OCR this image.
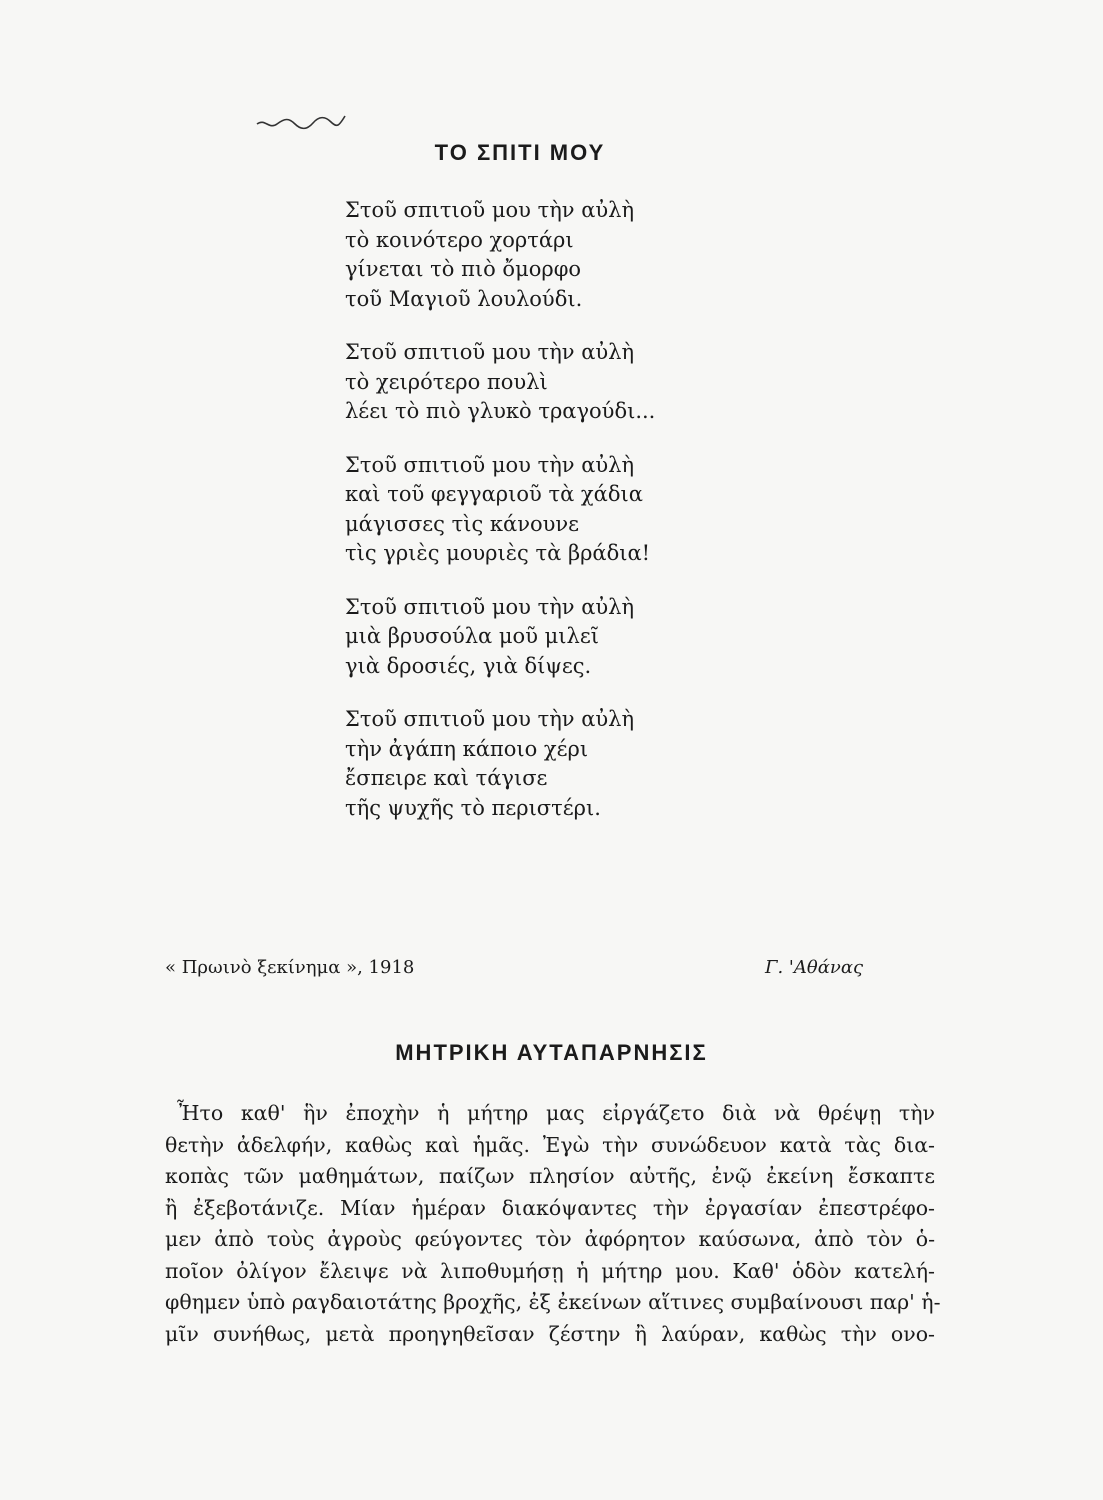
ΤΟ ΣΠΙΤΙ ΜΟΥ
Στοῦ σπιτιοῦ μου τὴν αὐλὴ
τὸ κοινότερο χορτάρι
γίνεται τὸ πιὸ ὄμορφο
τοῦ Μαγιοῦ λουλούδι.
Στοῦ σπιτιοῦ μου τὴν αὐλὴ
τὸ χειρότερο πουλὶ
λέει τὸ πιὸ γλυκὸ τραγούδι...
Στοῦ σπιτιοῦ μου τὴν αὐλὴ
καὶ τοῦ φεγγαριοῦ τὰ χάδια
μάγισσες τὶς κάνουνε
τὶς γριὲς μουριὲς τὰ βράδια!
Στοῦ σπιτιοῦ μου τὴν αὐλὴ
μιὰ βρυσούλα μοῦ μιλεῖ
γιὰ δροσιές, γιὰ δίψες.
Στοῦ σπιτιοῦ μου τὴν αὐλὴ
τὴν ἀγάπη κάποιο χέρι
ἔσπειρε καὶ τάγισε
τῆς ψυχῆς τὸ περιστέρι.
« Πρωινὸ ξεκίνημα », 1918	Γ. 'Αθάνας
ΜΗΤΡΙΚΗ ΑΥΤΑΠΑΡΝΗΣΙΣ
Ἦτο καθ' ἣν ἐποχὴν ἡ μήτηρ μας εἰργάζετο διὰ νὰ θρέψῃ τὴν
θετὴν ἀδελφήν, καθὼς καὶ ἡμᾶς. Ἐγὼ τὴν συνώδευον κατὰ τὰς δια-
κοπὰς τῶν μαθημάτων, παίζων πλησίον αὐτῆς, ἐνῷ ἐκείνη ἔσκαπτε
ἢ ἐξεβοτάνιζε. Μίαν ἡμέραν διακόψαντες τὴν ἐργασίαν ἐπεστρέφο-
μεν ἀπὸ τοὺς ἀγροὺς φεύγοντες τὸν ἀφόρητον καύσωνα, ἀπὸ τὸν ὁ-
ποῖον ὀλίγον ἔλειψε νὰ λιποθυμήσῃ ἡ μήτηρ μου. Καθ' ὁδὸν κατελή-
φθημεν ὑπὸ ραγδαιοτάτης βροχῆς, ἐξ ἐκείνων αἵτινες συμβαίνουσι παρ' ἡ-
μῖν συνήθως, μετὰ προηγηθεῖσαν ζέστην ἢ λαύραν, καθὼς τὴν ονο-
